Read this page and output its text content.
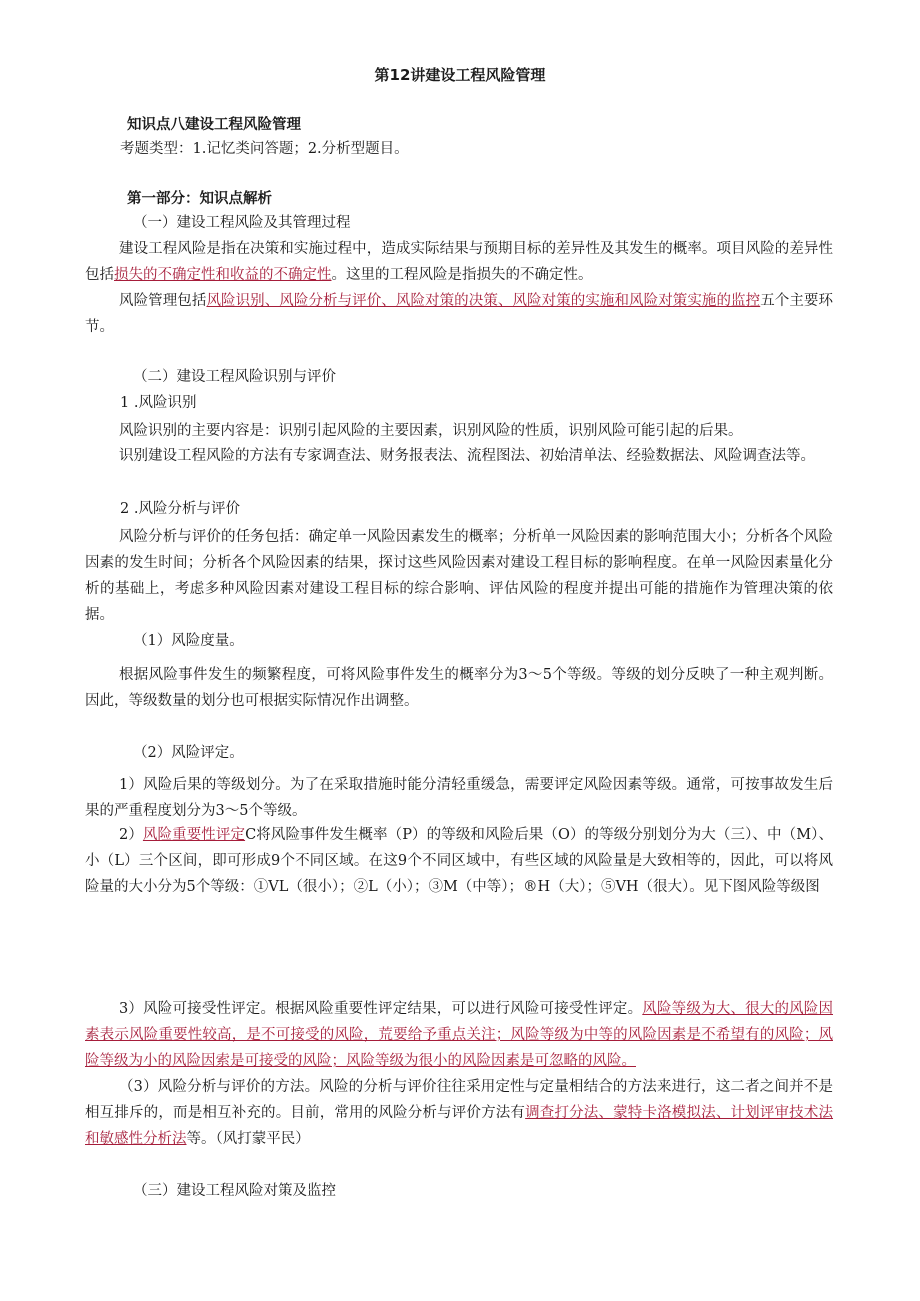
第12讲建设工程风险管理
知识点八建设工程风险管理
考题类型：1.记忆类问答题；2.分析型题目。
第一部分：知识点解析
（一）建设工程风险及其管理过程
建设工程风险是指在决策和实施过程中，造成实际结果与预期目标的差异性及其发生的概率。项目风险的差异性包括损失的不确定性和收益的不确定性。这里的工程风险是指损失的不确定性。
风险管理包括风险识别、风险分析与评价、风险对策的决策、风险对策的实施和风险对策实施的监控五个主要环节。
（二）建设工程风险识别与评价
1 .风险识别
风险识别的主要内容是：识别引起风险的主要因素，识别风险的性质，识别风险可能引起的后果。
识别建设工程风险的方法有专家调查法、财务报表法、流程图法、初始清单法、经验数据法、风险调查法等。
2 .风险分析与评价
风险分析与评价的任务包括：确定单一风险因素发生的概率；分析单一风险因素的影响范围大小；分析各个风险因素的发生时间；分析各个风险因素的结果，探讨这些风险因素对建设工程目标的影响程度。在单一风险因素量化分析的基础上，考虑多种风险因素对建设工程目标的综合影响、评估风险的程度并提出可能的措施作为管理决策的依据。
（1）风险度量。
根据风险事件发生的频繁程度，可将风险事件发生的概率分为3～5个等级。等级的划分反映了一种主观判断。因此，等级数量的划分也可根据实际情况作出调整。
（2）风险评定。
1）风险后果的等级划分。为了在采取措施时能分清轻重缓急，需要评定风险因素等级。通常，可按事故发生后果的严重程度划分为3～5个等级。
2）风险重要性评定C将风险事件发生概率（P）的等级和风险后果（O）的等级分别划分为大（三）、中（M）、小（L）三个区间，即可形成9个不同区域。在这9个不同区域中，有些区域的风险量是大致相等的，因此，可以将风险量的大小分为5个等级：①VL（很小）；②L（小）；③M（中等）；®H（大）；⑤VH（很大）。见下图风险等级图
3）风险可接受性评定。根据风险重要性评定结果，可以进行风险可接受性评定。风险等级为大、很大的风险因素表示风险重要性较高，是不可接受的风险，荒要给予重点关注；风险等级为中等的风险因素是不希望有的风险；风险等级为小的风险因索是可接受的风险；风险等级为很小的风险因素是可忽略的风险。
（3）风险分析与评价的方法。风险的分析与评价往往采用定性与定量相结合的方法来进行，这二者之间并不是相互排斥的，而是相互补充的。目前，常用的风险分析与评价方法有调查打分法、蒙特卡洛模拟法、计划评审技术法和敏感性分析法等。（风打蒙平民）
（三）建设工程风险对策及监控
